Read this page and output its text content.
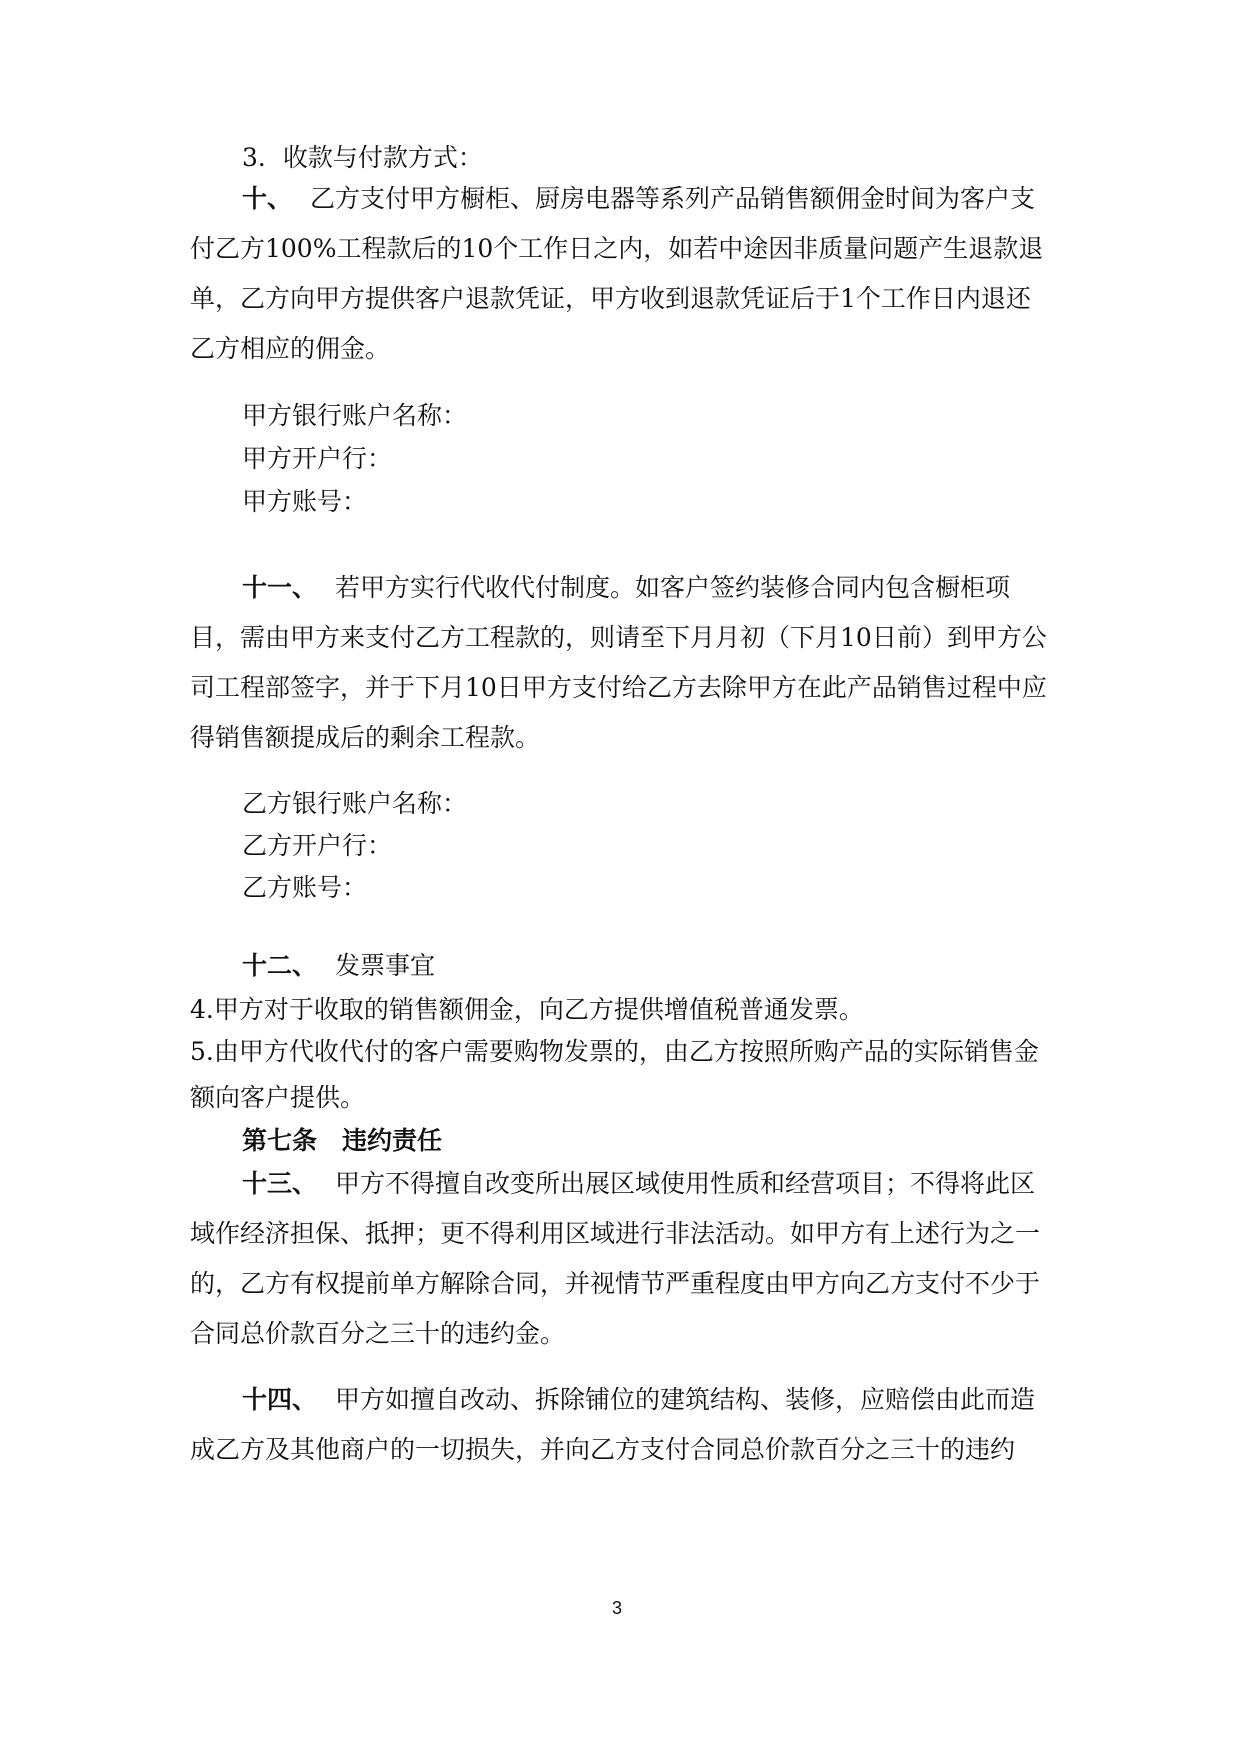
3．收款与付款方式：

十、 乙方支付甲方橱柜、厨房电器等系列产品销售额佣金时间为客户支付乙方100%工程款后的10个工作日之内，如若中途因非质量问题产生退款退单，乙方向甲方提供客户退款凭证，甲方收到退款凭证后于1个工作日内退还乙方相应的佣金。

甲方银行账户名称：

甲方开户行：

甲方账号：

十一、 若甲方实行代收代付制度。如客户签约装修合同内包含橱柜项目，需由甲方来支付乙方工程款的，则请至下月月初（下月10日前）到甲方公司工程部签字，并于下月10日甲方支付给乙方去除甲方在此产品销售过程中应得销售额提成后的剩余工程款。

乙方银行账户名称：

乙方开户行：

乙方账号：

十二、 发票事宜

4.甲方对于收取的销售额佣金，向乙方提供增值税普通发票。

5.由甲方代收代付的客户需要购物发票的，由乙方按照所购产品的实际销售金额向客户提供。

第七条　违约责任

十三、 甲方不得擅自改变所出展区域使用性质和经营项目；不得将此区域作经济担保、抵押；更不得利用区域进行非法活动。如甲方有上述行为之一的，乙方有权提前单方解除合同，并视情节严重程度由甲方向乙方支付不少于合同总价款百分之三十的违约金。

十四、 甲方如擅自改动、拆除铺位的建筑结构、装修，应赔偿由此而造成乙方及其他商户的一切损失，并向乙方支付合同总价款百分之三十的违约

3
